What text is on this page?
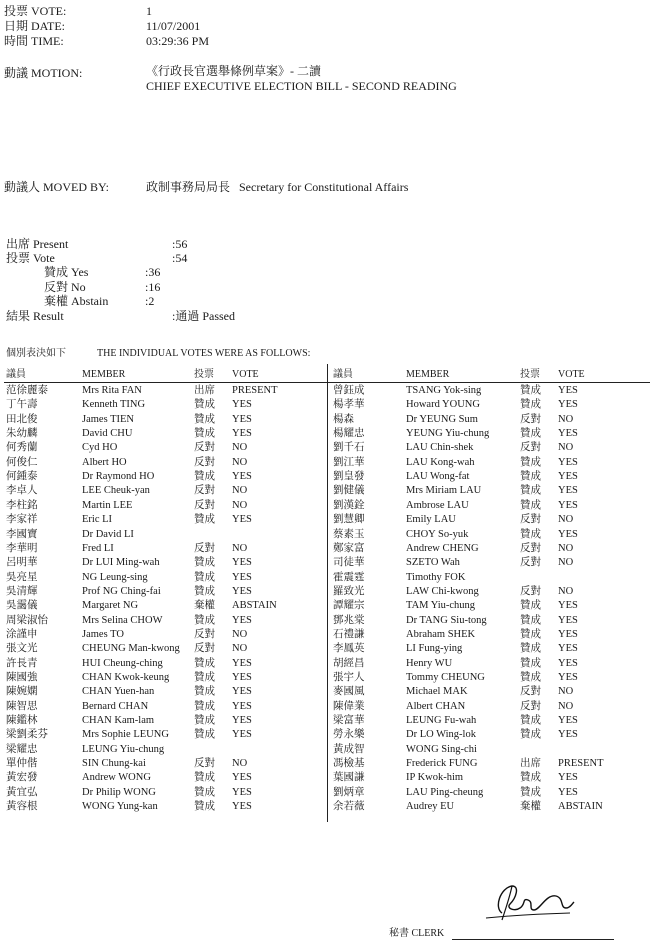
投票 VOTE:	1
日期 DATE:	11/07/2001
時間 TIME:	03:29:36 PM
動議 MOTION:	《行政長官選舉條例草案》- 二讀
CHIEF EXECUTIVE ELECTION BILL - SECOND READING
動議人 MOVED BY:	政制事務局局長   Secretary for Constitutional Affairs
出席 Present	:56
投票 Vote	:54
贊成 Yes	:36
反對 No	:16
棄權 Abstain	:2
結果 Result	:通過 Passed
個別表決如下	THE INDIVIDUAL VOTES WERE AS FOLLOWS:
議員	MEMBER	投票 VOTE	議員	MEMBER	投票 VOTE
范徐麗泰	Mrs Rita FAN	出席 PRESENT
丁午壽	Kenneth TING	贊成 YES
田北俊	James TIEN	贊成 YES
朱幼麟	David CHU	贊成 YES
何秀蘭	Cyd HO	反對 NO
何俊仁	Albert HO	反對 NO
何鍾泰	Dr Raymond HO	贊成 YES
李卓人	LEE Cheuk-yan	反對 NO
李柱銘	Martin LEE	反對 NO
李家祥	Eric LI	贊成 YES
李國寶	Dr David LI
李華明	Fred LI	反對 NO
呂明華	Dr LUI Ming-wah	贊成 YES
吳亮星	NG Leung-sing	贊成 YES
吳清輝	Prof NG Ching-fai	贊成 YES
吳靄儀	Margaret NG	棄權 ABSTAIN
周梁淑怡	Mrs Selina CHOW	贊成 YES
涂謹申	James TO	反對 NO
張文光	CHEUNG Man-kwong 反對 NO
許長青	HUI Cheung-ching	贊成 YES
陳國強	CHAN Kwok-keung 贊成 YES
陳婉嫻	CHAN Yuen-han	贊成 YES
陳智思	Bernard CHAN	贊成 YES
陳鑑林	CHAN Kam-lam	贊成 YES
梁劉柔芬	Mrs Sophie LEUNG 贊成 YES
梁耀忠	LEUNG Yiu-chung
單仲偕	SIN Chung-kai	反對 NO
黃宏發	Andrew WONG	贊成 YES
黃宜弘	Dr Philip WONG	贊成 YES
黃容根	WONG Yung-kan	贊成 YES
曾鈺成	TSANG Yok-sing	贊成 YES
楊孝華	Howard YOUNG	贊成 YES
楊森	Dr YEUNG Sum	反對 NO
楊耀忠	YEUNG Yiu-chung	贊成 YES
劉千石	LAU Chin-shek	反對 NO
劉江華	LAU Kong-wah	贊成 YES
劉皇發	LAU Wong-fat	贊成 YES
劉健儀	Mrs Miriam LAU	贊成 YES
劉漢銓	Ambrose LAU	贊成 YES
劉慧卿	Emily LAU	反對 NO
蔡素玉	CHOY So-yuk	贊成 YES
鄭家富	Andrew CHENG	反對 NO
司徒華	SZETO Wah	反對 NO
霍震霆	Timothy FOK
羅致光	LAW Chi-kwong	反對 NO
譚耀宗	TAM Yiu-chung	贊成 YES
鄧兆棠	Dr TANG Siu-tong	贊成 YES
石禮謙	Abraham SHEK	贊成 YES
李鳳英	LI Fung-ying	贊成 YES
胡經昌	Henry WU	贊成 YES
張宇人	Tommy CHEUNG	贊成 YES
麥國風	Michael MAK	反對 NO
陳偉業	Albert CHAN	反對 NO
梁富華	LEUNG Fu-wah	贊成 YES
勞永樂	Dr LO Wing-lok	贊成 YES
黃成智	WONG Sing-chi
馮檢基	Frederick FUNG	出席 PRESENT
葉國謙	IP Kwok-him	贊成 YES
劉炳章	LAU Ping-cheung	贊成 YES
余若薇	Audrey EU	棄權 ABSTAIN
秘書 CLERK
